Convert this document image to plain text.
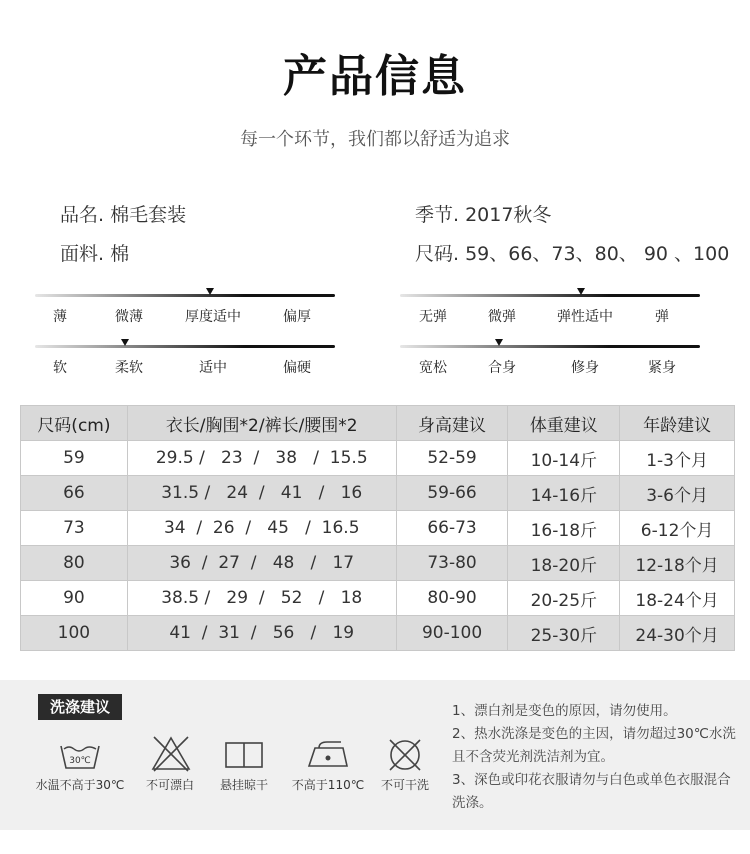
产品信息
每一个环节，我们都以舒适为追求
品名. 棉毛套装	季节. 2017秋冬
面料. 棉	尺码. 59、66、73、80、 90 、100
薄	微薄	厚度适中	偏厚
软	柔软	适中	偏硬
无弹	微弹	弹性适中	弹
宽松	合身	修身	紧身
尺码(cm)	衣长/胸围*2/裤长/腰围*2	身高建议	体重建议	年龄建议
59	29.5 /   23  /   38   /  15.5	52-59	10-14斤	1-3个月
66	31.5 /   24  /   41   /   16	59-66	14-16斤	3-6个月
73	34  /  26  /   45   /  16.5	66-73	16-18斤	6-12个月
80	36  /  27  /   48   /   17	73-80	18-20斤	12-18个月
90	38.5 /   29  /   52   /   18	80-90	20-25斤	18-24个月
100	41  /  31  /   56   /   19	90-100	25-30斤	24-30个月
洗涤建议
30℃
水温不高于30℃ 不可漂白 悬挂晾干 不高于110℃ 不可干洗

1、漂白剂是变色的原因，请勿使用。

2、热水洗涤是变色的主因，请勿超过30℃水洗且不含荧光剂洗洁剂为宜。

3、深色或印花衣服请勿与白色或单色衣服混合洗涤。
